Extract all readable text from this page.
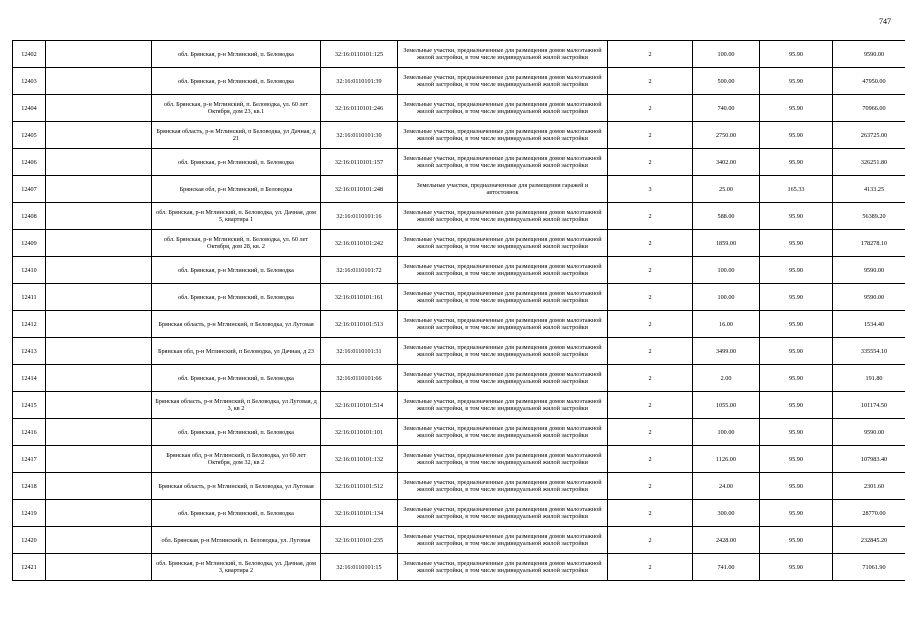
747
12402		обл. Брянская, р-н Мглинский, п. Беловодка	32:16:0110101:125	Земельные участки, предназначенные для размещения домов малоэтажной жилой застройки, в том числе индивидуальной жилой застройки	2	100.00	95.90	9590.00
12403		обл. Брянская, р-н Мглинский, п. Беловодка	32:16:0110101:39	Земельные участки, предназначенные для размещения домов малоэтажной жилой застройки, в том числе индивидуальной жилой застройки	2	500.00	95.90	47950.00
12404		обл. Брянская, р-н Мглинский, п. Беловодка, ул. 60 лет Октября, дом 23, кв.1	32:16:0110101:246	Земельные участки, предназначенные для размещения домов малоэтажной жилой застройки, в том числе индивидуальной жилой застройки	2	740.00	95.90	70966.00
12405		Брянская область, р-н Мглинский, п Беловодка, ул Дачная, д 21	32:16:0110101:30	Земельные участки, предназначенные для размещения домов малоэтажной жилой застройки, в том числе индивидуальной жилой застройки	2	2750.00	95.90	263725.00
12406		обл. Брянская, р-н Мглинский, п. Беловодка	32:16:0110101:157	Земельные участки, предназначенные для размещения домов малоэтажной жилой застройки, в том числе индивидуальной жилой застройки	2	3402.00	95.90	326251.80
12407		Брянская обл, р-н Мглинский, п Беловодка	32:16:0110101:248	Земельные участки, предназначенные для размещения гаражей и автостоянок	3	25.00	165.33	4133.25
12408		обл. Брянская, р-н Мглинский, п. Беловодка, ул. Дачная, дом 5, квартира 1	32:16:0110101:16	Земельные участки, предназначенные для размещения домов малоэтажной жилой застройки, в том числе индивидуальной жилой застройки	2	588.00	95.90	56389.20
12409		обл. Брянская, р-н Мглинский, п. Беловодка, ул. 60 лет Октября, дом 28, кв. 2	32:16:0110101:242	Земельные участки, предназначенные для размещения домов малоэтажной жилой застройки, в том числе индивидуальной жилой застройки	2	1859.00	95.90	178278.10
12410		обл. Брянская, р-н Мглинский, п. Беловодка	32:16:0110101:72	Земельные участки, предназначенные для размещения домов малоэтажной жилой застройки, в том числе индивидуальной жилой застройки	2	100.00	95.90	9590.00
12411		обл. Брянская, р-н Мглинский, п. Беловодка	32:16:0110101:161	Земельные участки, предназначенные для размещения домов малоэтажной жилой застройки, в том числе индивидуальной жилой застройки	2	100.00	95.90	9590.00
12412		Брянская область, р-н Мглинский, п Беловодка, ул Луговая	32:16:0110101:513	Земельные участки, предназначенные для размещения домов малоэтажной жилой застройки, в том числе индивидуальной жилой застройки	2	16.00	95.90	1534.40
12413		Брянская обл, р-н Мглинский, п Беловодка, ул Дачная, д 23	32:16:0110101:31	Земельные участки, предназначенные для размещения домов малоэтажной жилой застройки, в том числе индивидуальной жилой застройки	2	3499.00	95.90	335554.10
12414		обл. Брянская, р-н Мглинский, п. Беловодка	32:16:0110101:66	Земельные участки, предназначенные для размещения домов малоэтажной жилой застройки, в том числе индивидуальной жилой застройки	2	2.00	95.90	191.80
12415		Брянская область, р-н Мглинский, п Беловодка, ул Луговая, д 3, кв 2	32:16:0110101:514	Земельные участки, предназначенные для размещения домов малоэтажной жилой застройки, в том числе индивидуальной жилой застройки	2	1055.00	95.90	101174.50
12416		обл. Брянская, р-н Мглинский, п. Беловодка	32:16:0110101:101	Земельные участки, предназначенные для размещения домов малоэтажной жилой застройки, в том числе индивидуальной жилой застройки	2	100.00	95.90	9590.00
12417		Брянская обл, р-н Мглинский, п Беловодка, ул 60 лет Октября, дом 32, кв 2	32:16:0110101:132	Земельные участки, предназначенные для размещения домов малоэтажной жилой застройки, в том числе индивидуальной жилой застройки	2	1126.00	95.90	107983.40
12418		Брянская область, р-н Мглинский, п Беловодка, ул Луговая	32:16:0110101:512	Земельные участки, предназначенные для размещения домов малоэтажной жилой застройки, в том числе индивидуальной жилой застройки	2	24.00	95.90	2301.60
12419		обл. Брянская, р-н Мглинский, п. Беловодка	32:16:0110101:134	Земельные участки, предназначенные для размещения домов малоэтажной жилой застройки, в том числе индивидуальной жилой застройки	2	300.00	95.90	28770.00
12420		обл. Брянская, р-н Мглинский, п. Беловодка, ул. Луговая	32:16:0110101:235	Земельные участки, предназначенные для размещения домов малоэтажной жилой застройки, в том числе индивидуальной жилой застройки	2	2428.00	95.90	232845.20
12421		обл. Брянская, р-н Мглинский, п. Беловодка, ул. Дачная, дом 3, квартира 2	32:16:0110101:15	Земельные участки, предназначенные для размещения домов малоэтажной жилой застройки, в том числе индивидуальной жилой застройки	2	741.00	95.90	71061.90
